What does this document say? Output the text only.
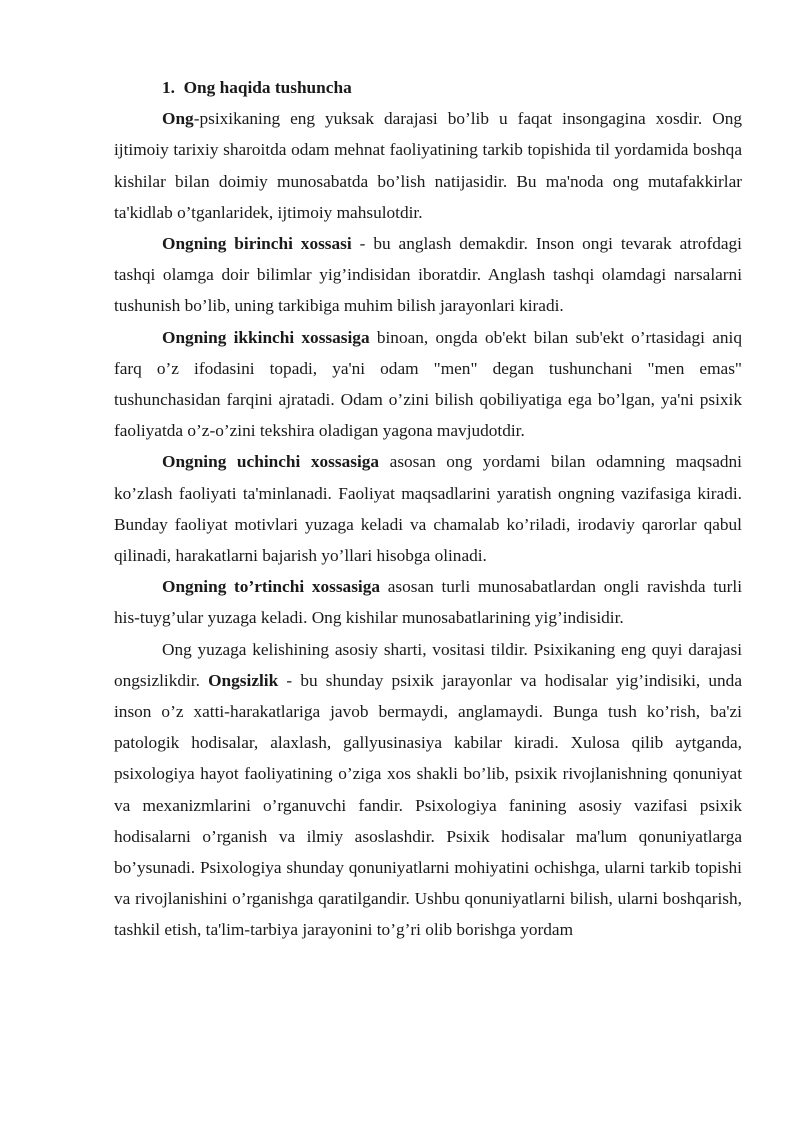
1. Ong haqida tushuncha

Ong-psixikaning eng yuksak darajasi bo’lib u faqat insongagina xosdir. Ong ijtimoiy tarixiy sharoitda odam mehnat faoliyatining tarkib topishida til yordamida boshqa kishilar bilan doimiy munosabatda bo’lish natijasidir. Bu ma'noda ong mutafakkirlar ta'kidlab o’tganlaridek, ijtimoiy mahsulotdir.

Ongning birinchi xossasi - bu anglash demakdir. Inson ongi tevarak atrofdagi tashqi olamga doir bilimlar yig’indisidan iboratdir. Anglash tashqi olamdagi narsalarni tushunish bo’lib, uning tarkibiga muhim bilish jarayonlari kiradi.

Ongning ikkinchi xossasiga binoan, ongda ob'ekt bilan sub'ekt o’rtasidagi aniq farq o’z ifodasini topadi, ya'ni odam "men" degan tushunchani "men emas" tushunchasidan farqini ajratadi. Odam o’zini bilish qobiliyatiga ega bo’lgan, ya'ni psixik faoliyatda o’z-o’zini tekshira oladigan yagona mavjudotdir.

Ongning uchinchi xossasiga asosan ong yordami bilan odamning maqsadni ko’zlash faoliyati ta'minlanadi. Faoliyat maqsadlarini yaratish ongning vazifasiga kiradi. Bunday faoliyat motivlari yuzaga keladi va chamalab ko’riladi, irodaviy qarorlar qabul qilinadi, harakatlarni bajarish yo’llari hisobga olinadi.

Ongning to’rtinchi xossasiga asosan turli munosabatlardan ongli ravishda turli his-tuyg’ular yuzaga keladi. Ong kishilar munosabatlarining yig’indisidir.

Ong yuzaga kelishining asosiy sharti, vositasi tildir. Psixikaning eng quyi darajasi ongsizlikdir. Ongsizlik - bu shunday psixik jarayonlar va hodisalar yig’indisiki, unda inson o’z xatti-harakatlariga javob bermaydi, anglamaydi. Bunga tush ko’rish, ba'zi patologik hodisalar, alaxlash, gallyusinasiya kabilar kiradi. Xulosa qilib aytganda, psixologiya hayot faoliyatining o’ziga xos shakli bo’lib, psixik rivojlanishning qonuniyat va mexanizmlarini o’rganuvchi fandir. Psixologiya fanining asosiy vazifasi psixik hodisalarni o’rganish va ilmiy asoslashdir. Psixik hodisalar ma'lum qonuniyatlarga bo’ysunadi. Psixologiya shunday qonuniyatlarni mohiyatini ochishga, ularni tarkib topishi va rivojlanishini o’rganishga qaratilgandir. Ushbu qonuniyatlarni bilish, ularni boshqarish, tashkil etish, ta'lim-tarbiya jarayonini to’g’ri olib borishga yordam
